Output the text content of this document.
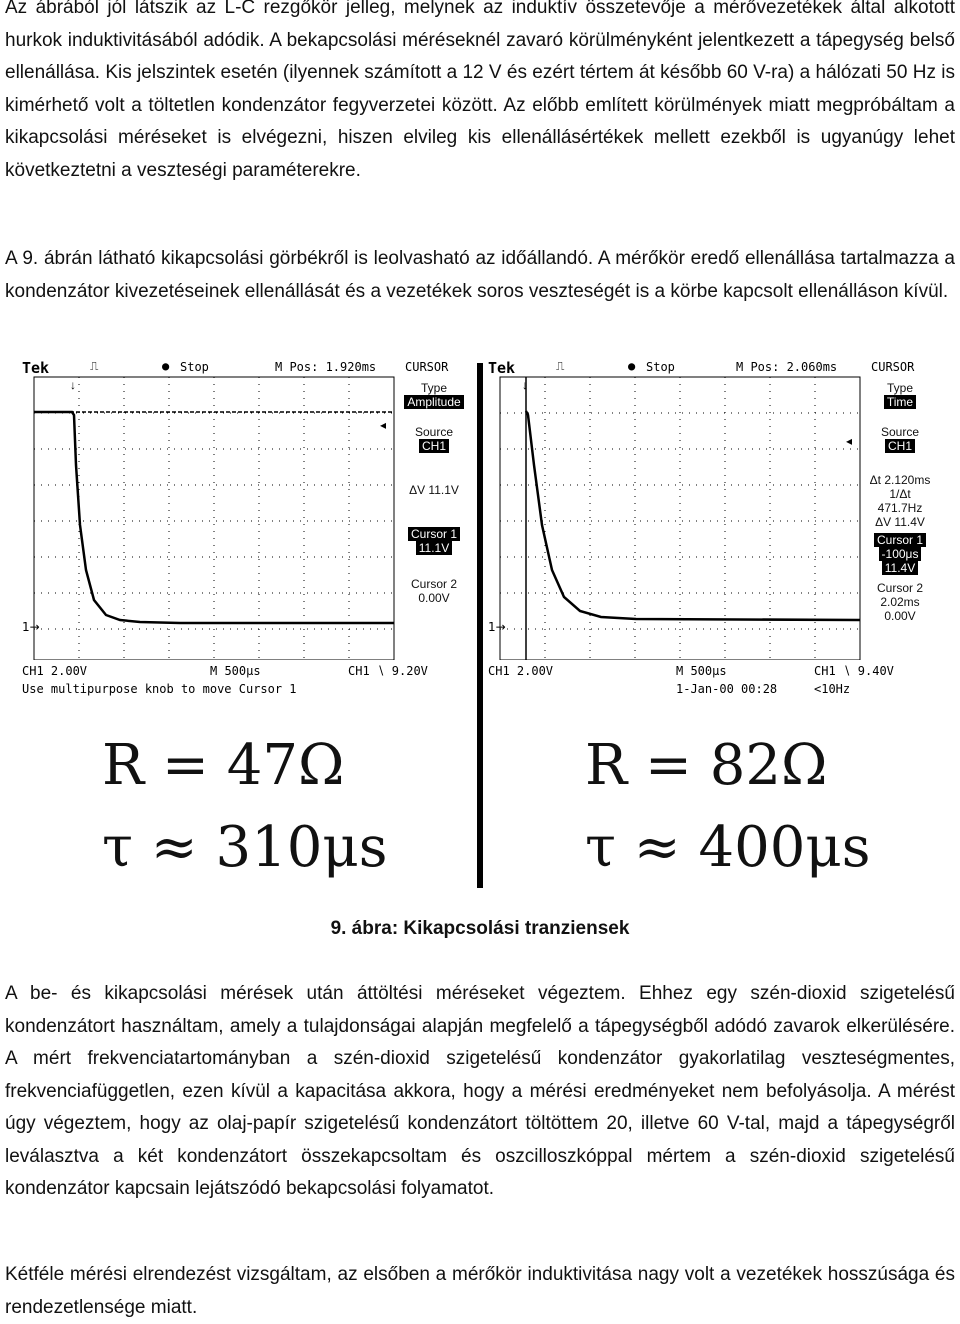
Az ábrából jól látszik az L-C rezgőkör jelleg, melynek az induktív összetevője a mérővezetékek által alkotott hurkok induktivitásából adódik. A bekapcsolási méréseknél zavaró körülményként jelentkezett a tápegység belső ellenállása. Kis jelszintek esetén (ilyennek számított a 12 V és ezért tértem át később 60 V-ra) a hálózati 50 Hz is kimérhető volt a töltetlen kondenzátor fegyverzetei között. Az előbb említett körülmények miatt megpróbáltam a kikapcsolási méréseket is elvégezni, hiszen elvileg kis ellenállásértékek mellett ezekből is ugyanúgy lehet következtetni a veszteségi paraméterekre.

A 9. ábrán látható kikapcsolási görbékről is leolvasható az időállandó. A mérőkör eredő ellenállása tartalmazza a kondenzátor kivezetéseinek ellenállását és a vezetékek soros veszteségét is a körbe kapcsolt ellenálláson kívül.

Tek	⎍	● Stop	M Pos: 1.920ms CURSOR
1→
↓
◂
Type
Amplitude
Source
CH1
ΔV 11.1V
Cursor 1
11.1V
Cursor 2
0.00V
CH1 2.00V	M 500μs	CH1 ∖ 9.20V
Use multipurpose knob to move Cursor 1
Tek	⎍	● Stop	M Pos: 2.060ms	CURSOR
1→
↓
◂
Type
Time
Source
CH1
Δt 2.120ms
1/Δt 471.7Hz
ΔV 11.4V
Cursor 1
-100μs
11.4V
Cursor 2
2.02ms
0.00V
CH1 2.00V	M 500μs	CH1 ∖ 9.40V
1-Jan-00 00:28	<10Hz
R = 47Ω
τ ≈ 310μs
R = 82Ω
τ ≈ 400μs
9. ábra: Kikapcsolási tranziensek

A be- és kikapcsolási mérések után áttöltési méréseket végeztem. Ehhez egy szén-dioxid szigetelésű kondenzátort használtam, amely a tulajdonságai alapján megfelelő a tápegységből adódó zavarok elkerülésére. A mért frekvenciatartományban a szén-dioxid szigetelésű kondenzátor gyakorlatilag veszteségmentes, frekvenciafüggetlen, ezen kívül a kapacitása akkora, hogy a mérési eredményeket nem befolyásolja. A mérést úgy végeztem, hogy az olaj-papír szigetelésű kondenzátort töltöttem 20, illetve 60 V-tal, majd a tápegységről leválasztva a két kondenzátort összekapcsoltam és oszcilloszkóppal mértem a szén-dioxid szigetelésű kondenzátor kapcsain lejátszódó bekapcsolási folyamatot.

Kétféle mérési elrendezést vizsgáltam, az elsőben a mérőkör induktivitása nagy volt a vezetékek hosszúsága és rendezetlensége miatt.
